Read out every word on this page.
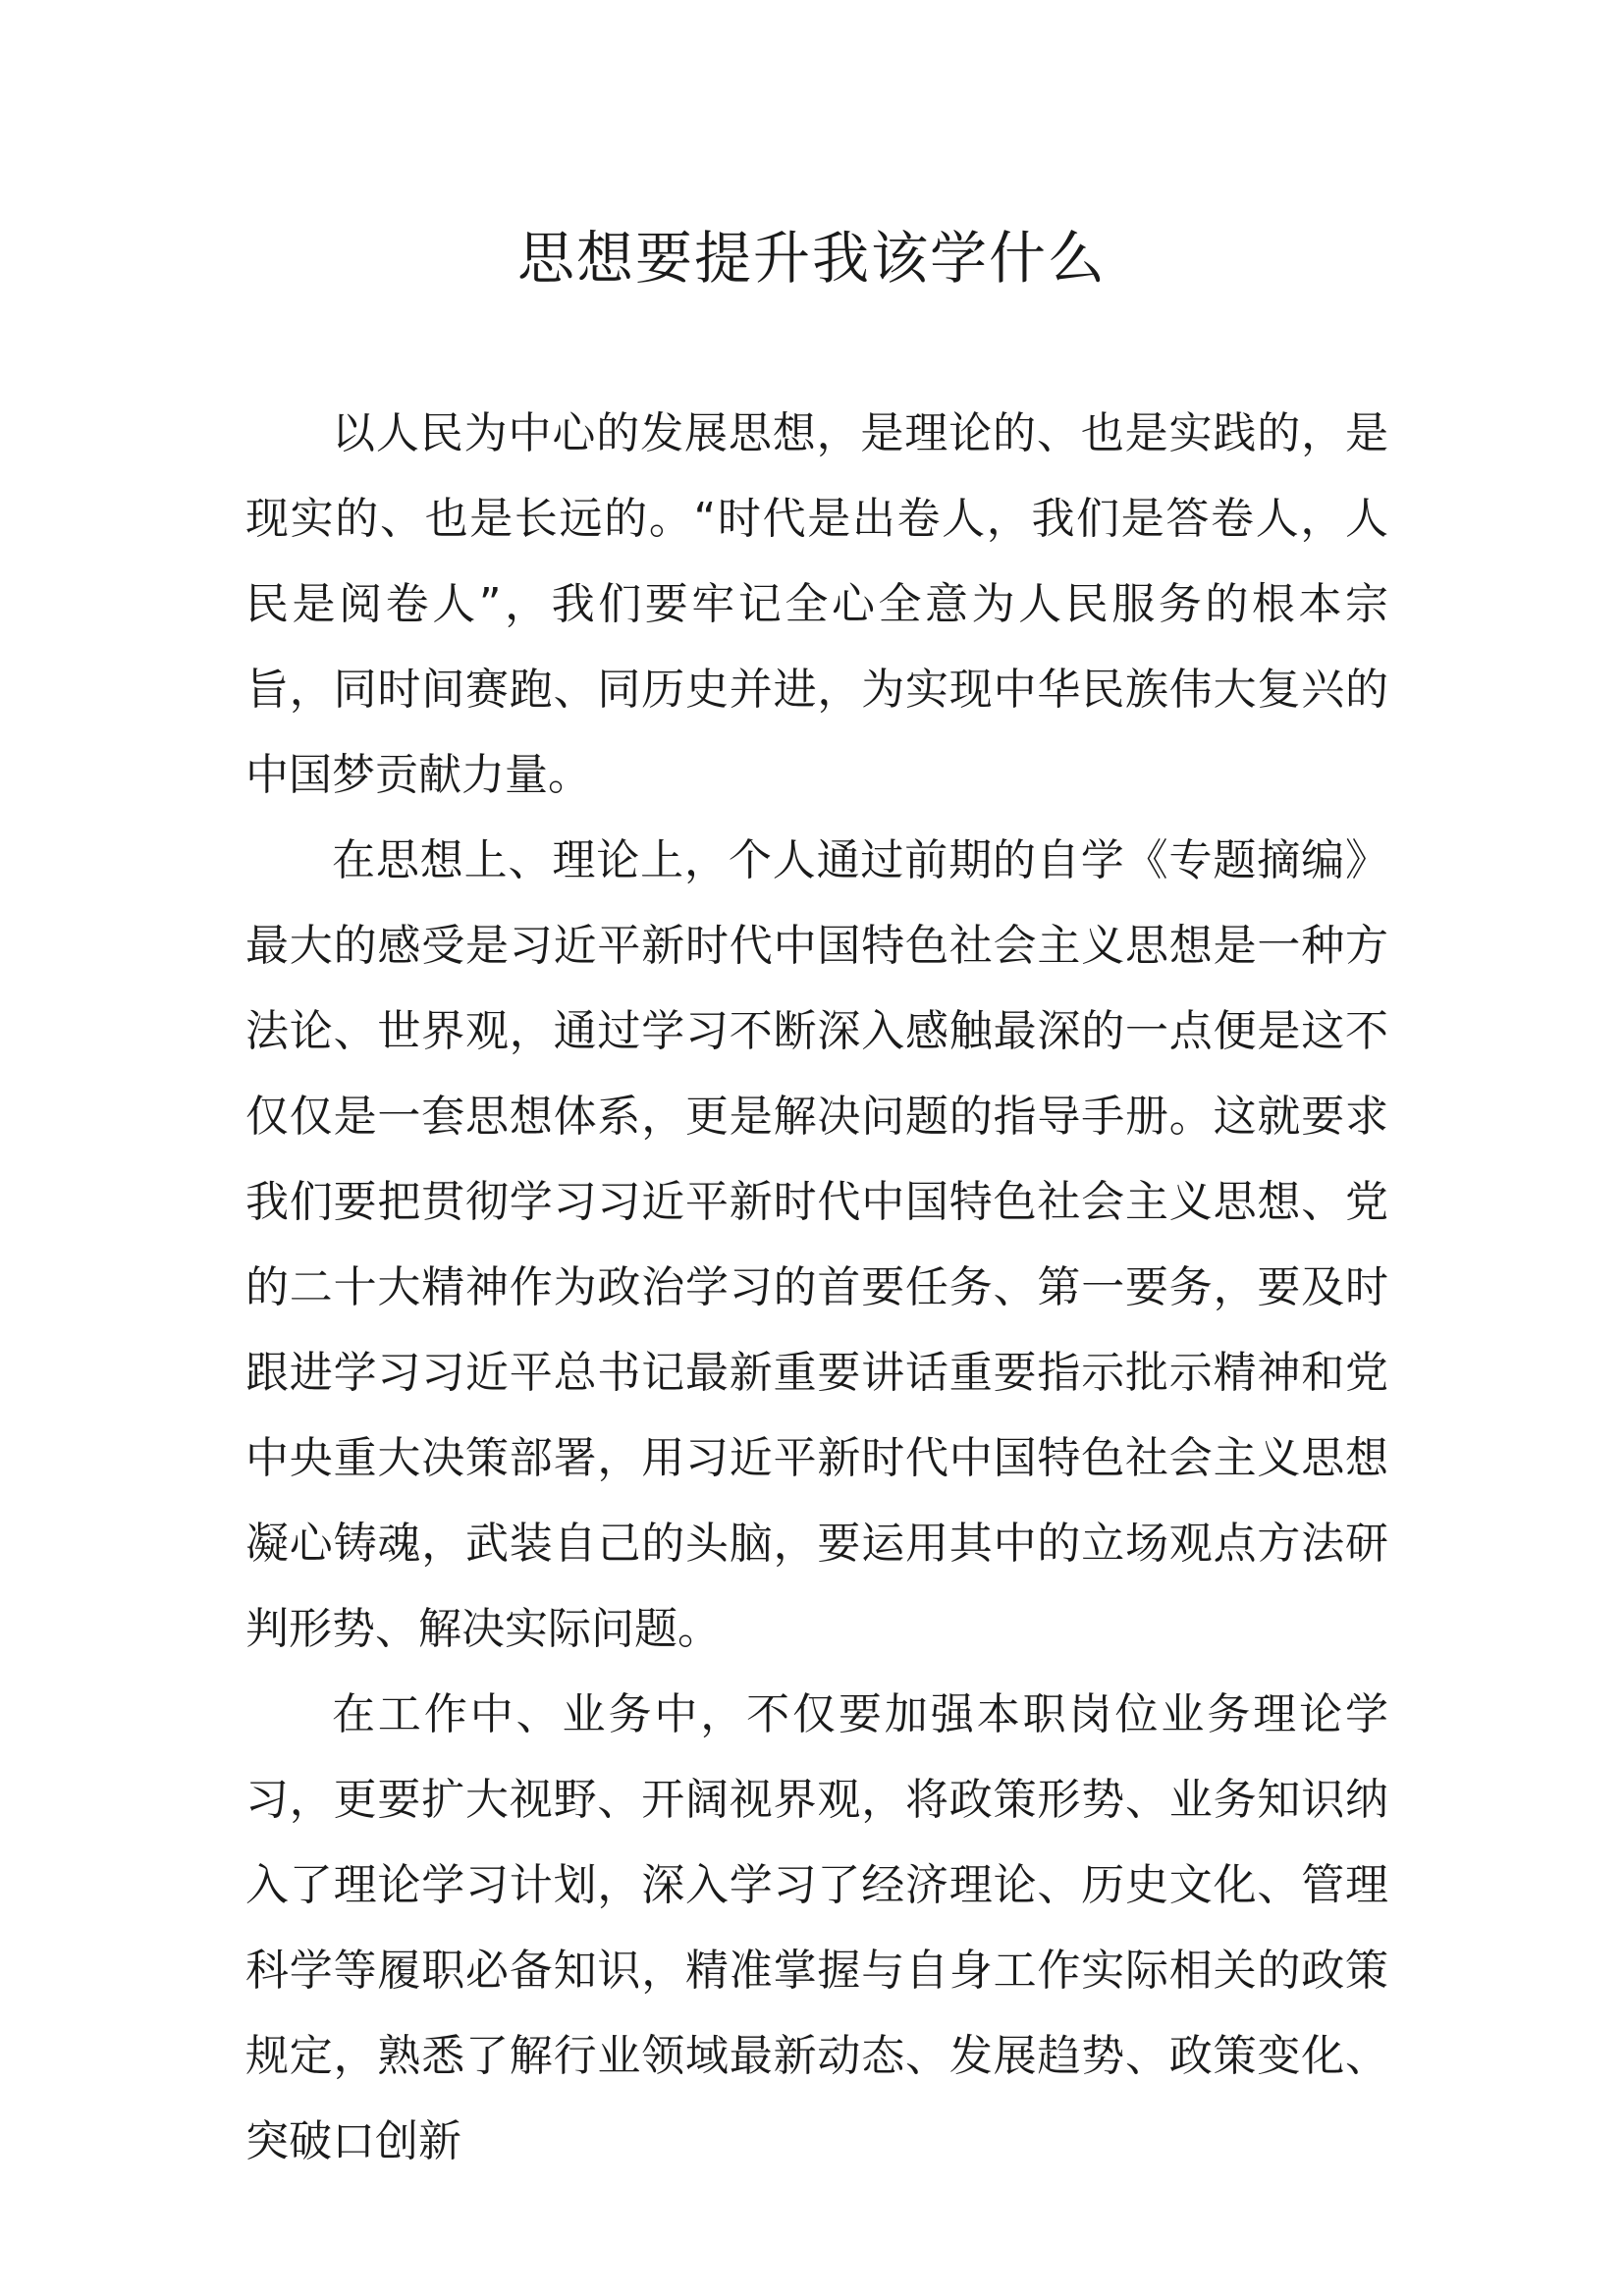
思想要提升我该学什么

以人民为中心的发展思想，是理论的、也是实践的，是现实的、也是长远的。“时代是出卷人，我们是答卷人，人民是阅卷人”，我们要牢记全心全意为人民服务的根本宗旨，同时间赛跑、同历史并进，为实现中华民族伟大复兴的中国梦贡献力量。

在思想上、理论上，个人通过前期的自学《专题摘编》最大的感受是习近平新时代中国特色社会主义思想是一种方法论、世界观，通过学习不断深入感触最深的一点便是这不仅仅是一套思想体系，更是解决问题的指导手册。这就要求我们要把贯彻学习习近平新时代中国特色社会主义思想、党的二十大精神作为政治学习的首要任务、第一要务，要及时跟进学习习近平总书记最新重要讲话重要指示批示精神和党中央重大决策部署，用习近平新时代中国特色社会主义思想凝心铸魂，武装自己的头脑，要运用其中的立场观点方法研判形势、解决实际问题。

在工作中、业务中，不仅要加强本职岗位业务理论学习，更要扩大视野、开阔视界观，将政策形势、业务知识纳入了理论学习计划，深入学习了经济理论、历史文化、管理科学等履职必备知识，精准掌握与自身工作实际相关的政策规定，熟悉了解行业领域最新动态、发展趋势、政策变化、突破口创新
